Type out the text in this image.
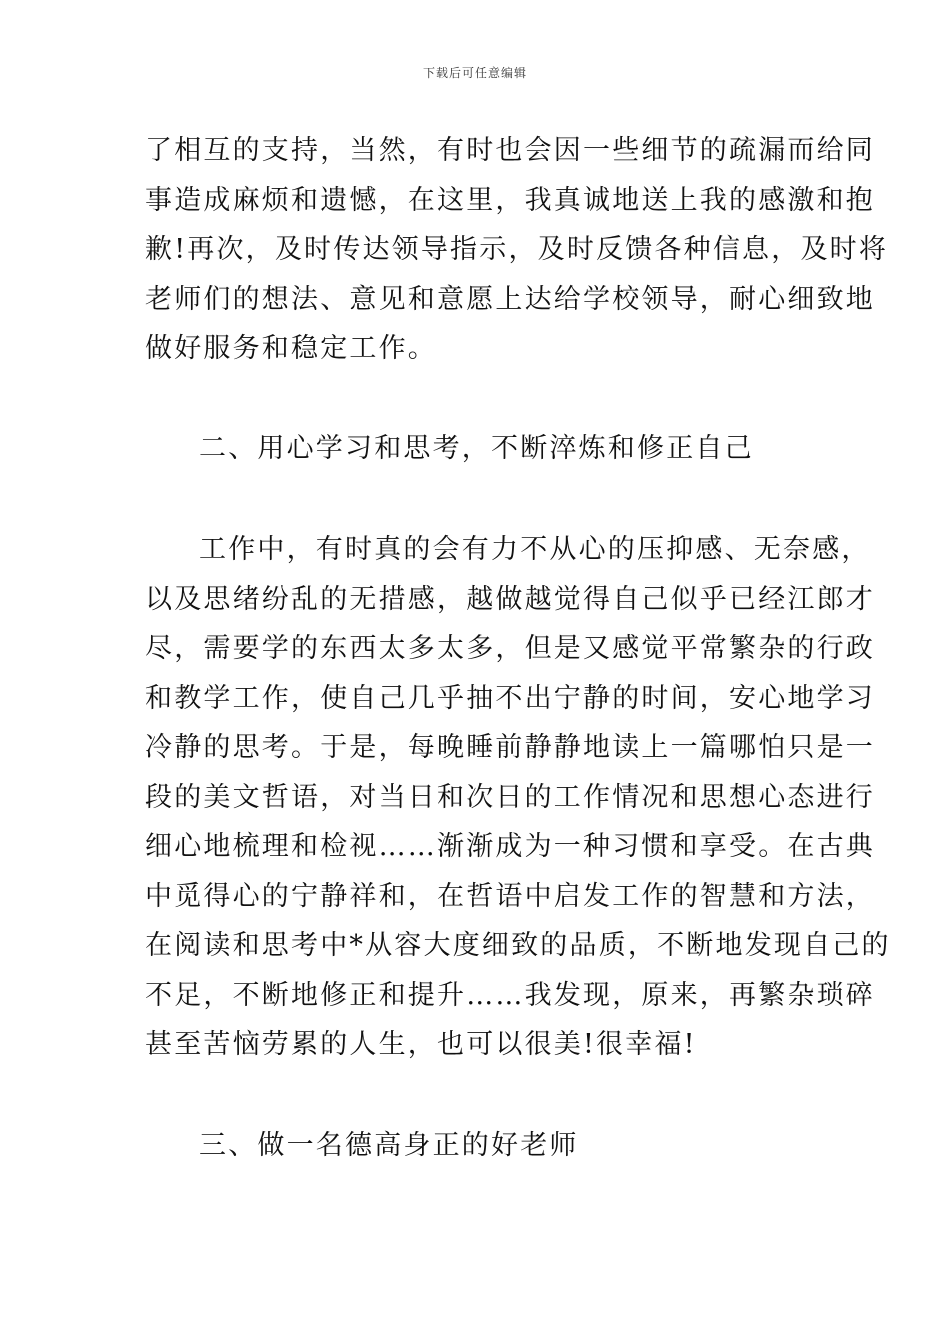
下载后可任意编辑
了相互的支持，当然，有时也会因一些细节的疏漏而给同
事造成麻烦和遗憾，在这里，我真诚地送上我的感激和抱
歉!再次，及时传达领导指示，及时反馈各种信息，及时将
老师们的想法、意见和意愿上达给学校领导，耐心细致地
做好服务和稳定工作。
二、用心学习和思考，不断淬炼和修正自己
工作中，有时真的会有力不从心的压抑感、无奈感，
以及思绪纷乱的无措感，越做越觉得自己似乎已经江郎才
尽，需要学的东西太多太多，但是又感觉平常繁杂的行政
和教学工作，使自己几乎抽不出宁静的时间，安心地学习
冷静的思考。于是，每晚睡前静静地读上一篇哪怕只是一
段的美文哲语，对当日和次日的工作情况和思想心态进行
细心地梳理和检视……渐渐成为一种习惯和享受。在古典
中觅得心的宁静祥和，在哲语中启发工作的智慧和方法，
在阅读和思考中*从容大度细致的品质，不断地发现自己的
不足，不断地修正和提升……我发现，原来，再繁杂琐碎
甚至苦恼劳累的人生，也可以很美!很幸福!
三、做一名德高身正的好老师
